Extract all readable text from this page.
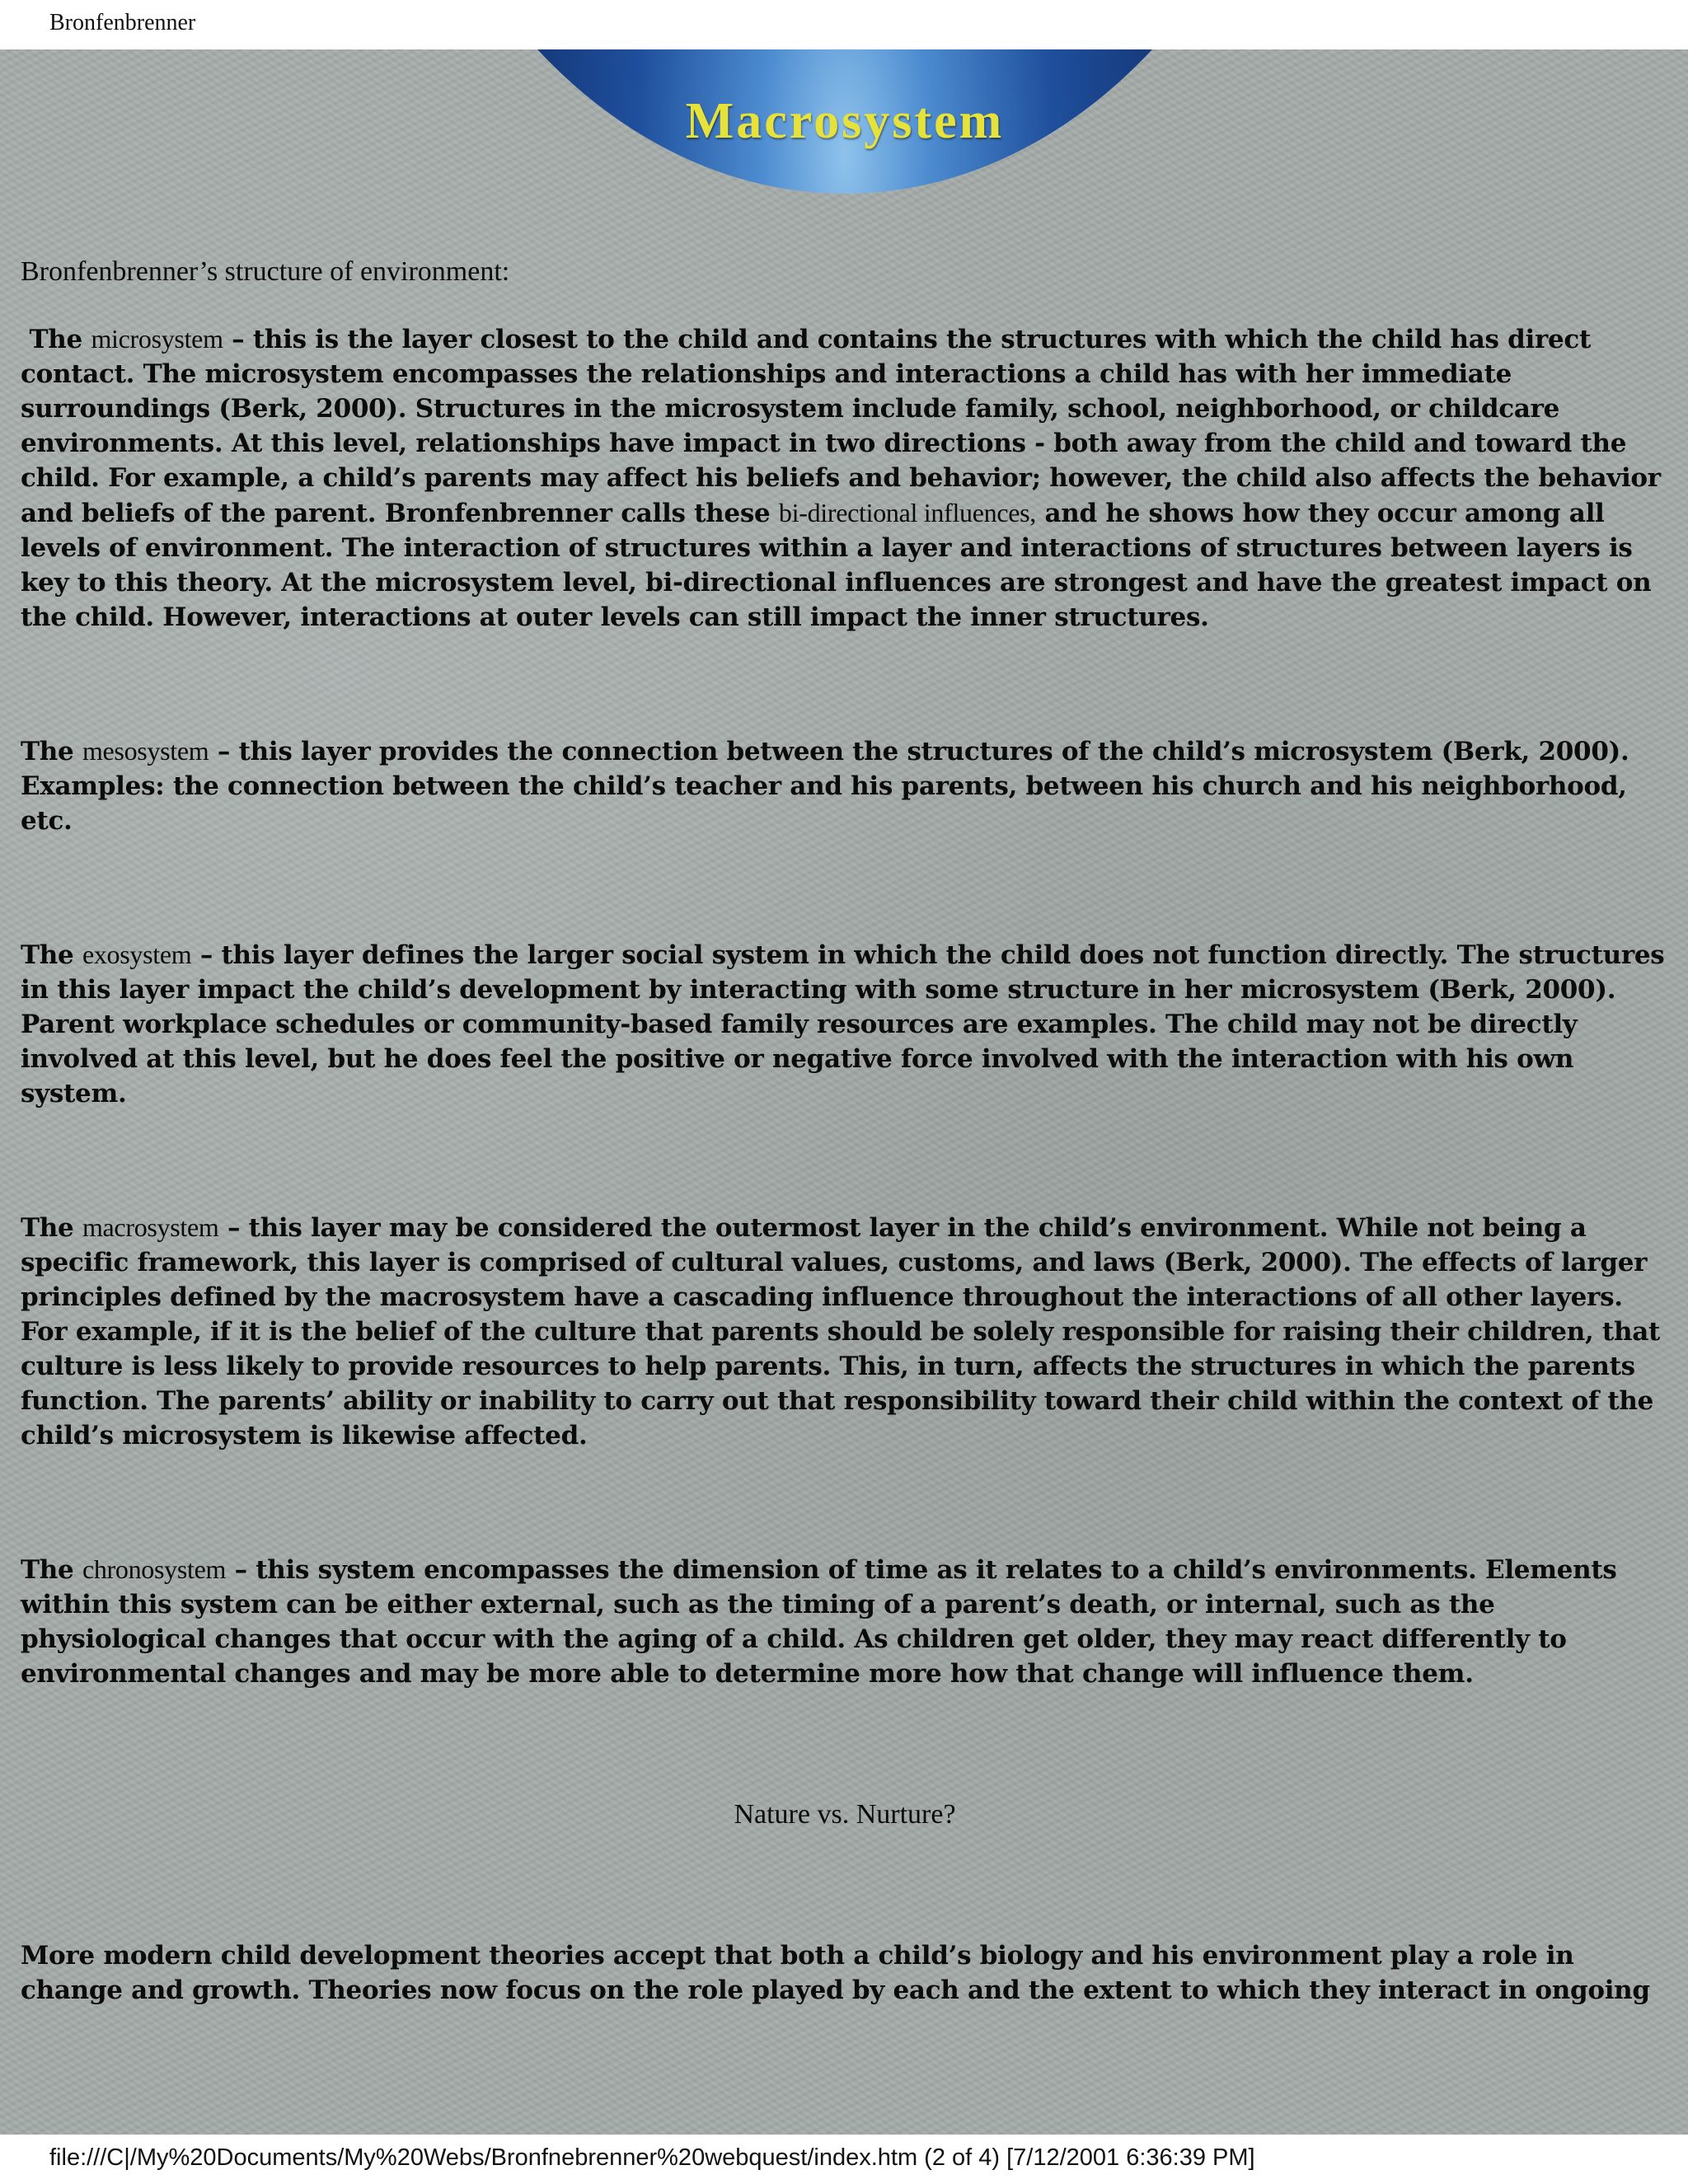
Bronfenbrenner
Macrosystem

Bronfenbrenner’s structure of environment:

The microsystem – this is the layer closest to the child and contains the structures with which the child has direct contact. The microsystem encompasses the relationships and interactions a child has with her immediate surroundings (Berk, 2000). Structures in the microsystem include family, school, neighborhood, or childcare environments. At this level, relationships have impact in two directions - both away from the child and toward the child. For example, a child’s parents may affect his beliefs and behavior; however, the child also affects the behavior and beliefs of the parent. Bronfenbrenner calls these bi-directional influences, and he shows how they occur among all levels of environment. The interaction of structures within a layer and interactions of structures between layers is key to this theory. At the microsystem level, bi-directional influences are strongest and have the greatest impact on the child. However, interactions at outer levels can still impact the inner structures.

The mesosystem – this layer provides the connection between the structures of the child’s microsystem (Berk, 2000). Examples: the connection between the child’s teacher and his parents, between his church and his neighborhood, etc.

The exosystem – this layer defines the larger social system in which the child does not function directly. The structures in this layer impact the child’s development by interacting with some structure in her microsystem (Berk, 2000). Parent workplace schedules or community-based family resources are examples. The child may not be directly involved at this level, but he does feel the positive or negative force involved with the interaction with his own system.

The macrosystem – this layer may be considered the outermost layer in the child’s environment. While not being a specific framework, this layer is comprised of cultural values, customs, and laws (Berk, 2000). The effects of larger principles defined by the macrosystem have a cascading influence throughout the interactions of all other layers. For example, if it is the belief of the culture that parents should be solely responsible for raising their children, that culture is less likely to provide resources to help parents. This, in turn, affects the structures in which the parents function. The parents’ ability or inability to carry out that responsibility toward their child within the context of the child’s microsystem is likewise affected.

The chronosystem – this system encompasses the dimension of time as it relates to a child’s environments. Elements within this system can be either external, such as the timing of a parent’s death, or internal, such as the physiological changes that occur with the aging of a child. As children get older, they may react differently to environmental changes and may be more able to determine more how that change will influence them.

Nature vs. Nurture?

More modern child development theories accept that both a child’s biology and his environment play a role in change and growth. Theories now focus on the role played by each and the extent to which they interact in ongoing

file:///C|/My%20Documents/My%20Webs/Bronfnebrenner%20webquest/index.htm (2 of 4) [7/12/2001 6:36:39 PM]
